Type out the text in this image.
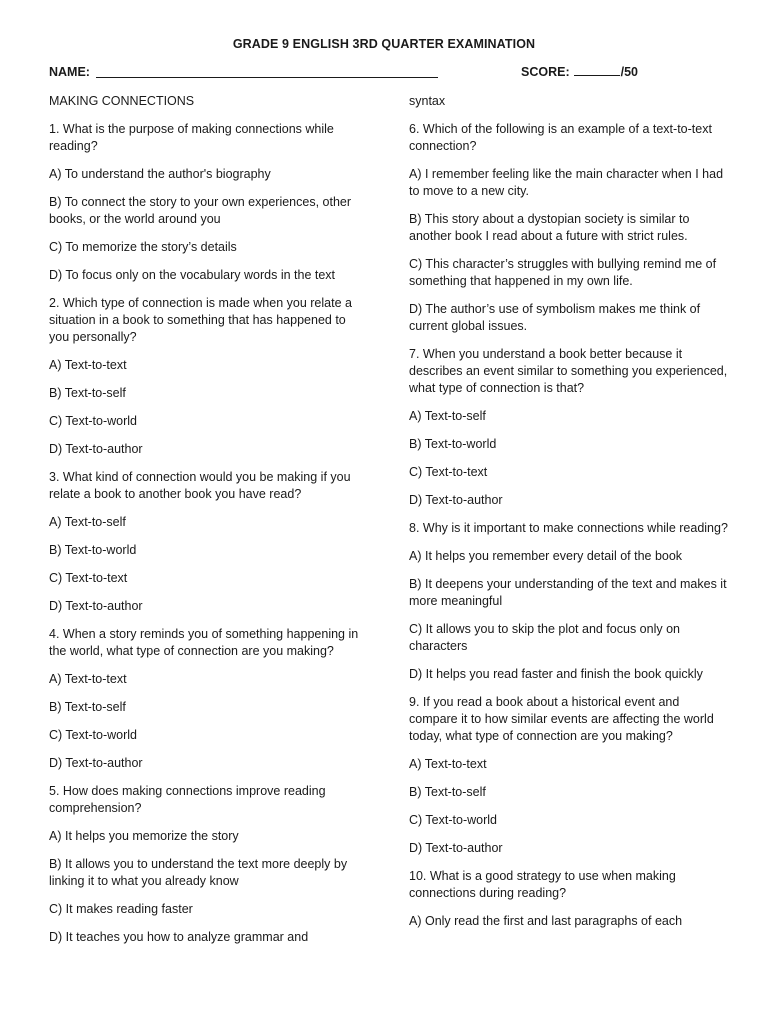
GRADE 9 ENGLISH 3RD QUARTER EXAMINATION
NAME:	SCORE:	/50

MAKING CONNECTIONS

1. What is the purpose of making connections while reading?

A) To understand the author's biography

B) To connect the story to your own experiences, other books, or the world around you

C) To memorize the story’s details

D) To focus only on the vocabulary words in the text

2. Which type of connection is made when you relate a situation in a book to something that has happened to you personally?

A) Text-to-text

B) Text-to-self

C) Text-to-world

D) Text-to-author

3. What kind of connection would you be making if you relate a book to another book you have read?

A) Text-to-self

B) Text-to-world

C) Text-to-text

D) Text-to-author

4. When a story reminds you of something happening in the world, what type of connection are you making?

A) Text-to-text

B) Text-to-self

C) Text-to-world

D) Text-to-author

5. How does making connections improve reading comprehension?

A) It helps you memorize the story

B) It allows you to understand the text more deeply by linking it to what you already know

C) It makes reading faster

D) It teaches you how to analyze grammar and

syntax

6. Which of the following is an example of a text-to-text connection?

A) I remember feeling like the main character when I had to move to a new city.

B) This story about a dystopian society is similar to another book I read about a future with strict rules.

C) This character’s struggles with bullying remind me of something that happened in my own life.

D) The author’s use of symbolism makes me think of current global issues.

7. When you understand a book better because it describes an event similar to something you experienced, what type of connection is that?

A) Text-to-self

B) Text-to-world

C) Text-to-text

D) Text-to-author

8. Why is it important to make connections while reading?

A) It helps you remember every detail of the book

B) It deepens your understanding of the text and makes it more meaningful

C) It allows you to skip the plot and focus only on characters

D) It helps you read faster and finish the book quickly

9. If you read a book about a historical event and compare it to how similar events are affecting the world today, what type of connection are you making?

A) Text-to-text

B) Text-to-self

C) Text-to-world

D) Text-to-author

10. What is a good strategy to use when making connections during reading?

A) Only read the first and last paragraphs of each
